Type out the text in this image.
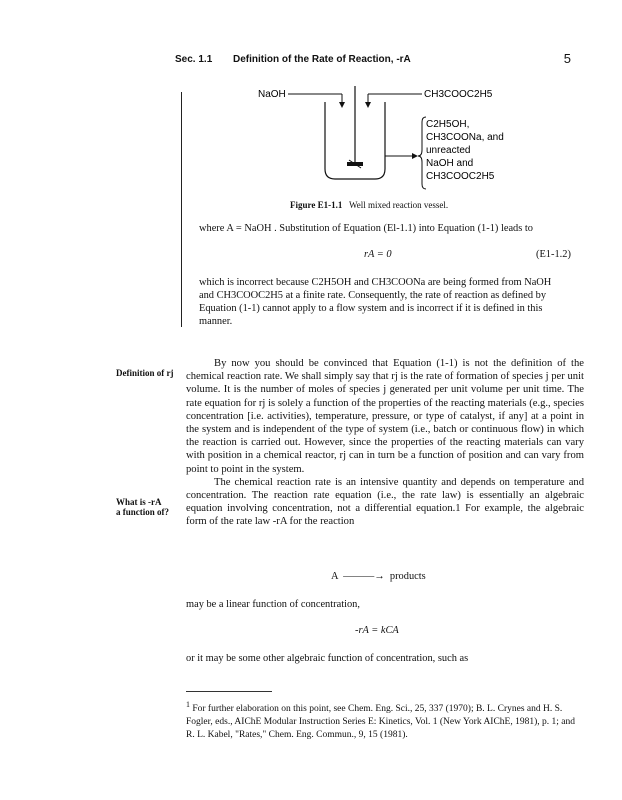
Sec. 1.1 Definition of the Rate of Reaction, -rA	5
NaOH	CH3COOC2H5
C2H5OH,
CH3COONa, and
unreacted
NaOH and
CH3COOC2H5
Figure E1-1.1 Well mixed reaction vessel.
where A = NaOH . Substitution of Equation (El-1.1) into Equation (1-1) leads to
rA = 0	(E1-1.2)
which is incorrect because C2H5OH and CH3COONa are being formed from NaOH
and CH3COOC2H5 at a finite rate. Consequently, the rate of reaction as defined by
Equation (1-1) cannot apply to a flow system and is incorrect if it is defined in this
manner.
Definition of rj
What is -rA
a function of?

By now you should be convinced that Equation (1-1) is not the definition of the chemical reaction rate. We shall simply say that rj is the rate of formation of species j per unit volume. It is the number of moles of species j generated per unit volume per unit time. The rate equation for rj is solely a function of the properties of the reacting materials (e.g., species concentration [i.e. activities), temperature, pressure, or type of catalyst, if any] at a point in the system and is independent of the type of system (i.e., batch or continuous flow) in which the reaction is carried out. However, since the properties of the reacting materials can vary with position in a chemical reactor, rj can in turn be a function of position and can vary from point to point in the system.

The chemical reaction rate is an intensive quantity and depends on temperature and concentration. The reaction rate equation (i.e., the rate law) is essentially an algebraic equation involving concentration, not a differential equation.1 For example, the algebraic form of the rate law -rA for the reaction

A ———→ products
may be a linear function of concentration,
-rA = kCA
or it may be some other algebraic function of concentration, such as
$^1$ For further elaboration on this point, see Chem. Eng. Sci., 25, 337 (1970); B. L. Crynes and H. S. Fogler, eds., AIChE Modular Instruction Series E: Kinetics, Vol. 1 (New York AIChE, 1981), p. 1; and R. L. Kabel, "Rates," Chem. Eng. Commun., 9, 15 (1981).
